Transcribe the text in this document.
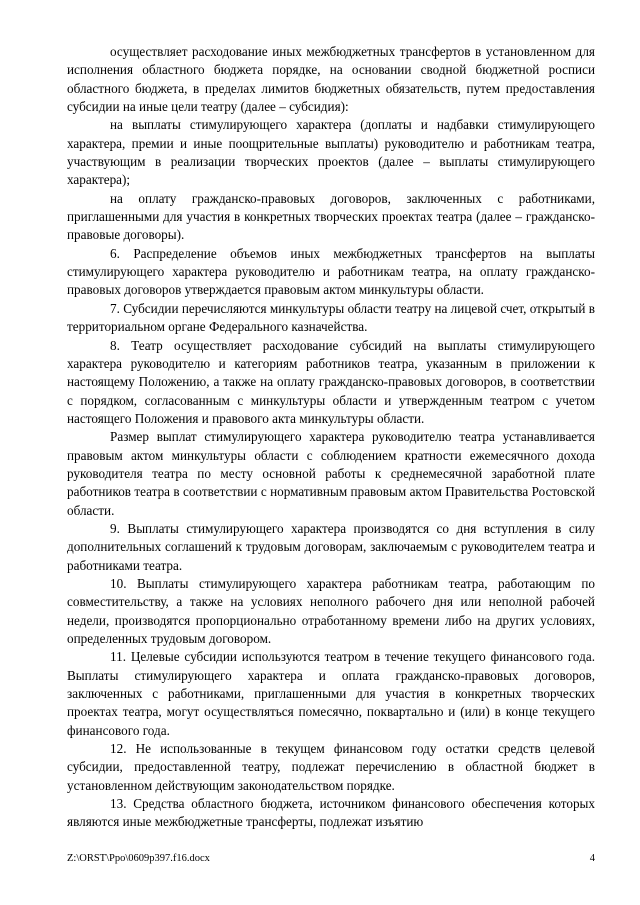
осуществляет расходование иных межбюджетных трансфертов в установленном для исполнения областного бюджета порядке, на основании сводной бюджетной росписи областного бюджета, в пределах лимитов бюджетных обязательств, путем предоставления субсидии на иные цели театру (далее – субсидия):

на выплаты стимулирующего характера (доплаты и надбавки стимулирующего характера, премии и иные поощрительные выплаты) руководителю и работникам театра, участвующим в реализации творческих проектов (далее – выплаты стимулирующего характера);

на оплату гражданско-правовых договоров, заключенных с работниками, приглашенными для участия в конкретных творческих проектах театра (далее – гражданско-правовые договоры).

6. Распределение объемов иных межбюджетных трансфертов на выплаты стимулирующего характера руководителю и работникам театра, на оплату гражданско-правовых договоров утверждается правовым актом минкультуры области.

7. Субсидии перечисляются минкультуры области театру на лицевой счет, открытый в территориальном органе Федерального казначейства.

8. Театр осуществляет расходование субсидий на выплаты стимулирующего характера руководителю и категориям работников театра, указанным в приложении к настоящему Положению, а также на оплату гражданско-правовых договоров, в соответствии с порядком, согласованным с минкультуры области и утвержденным театром с учетом настоящего Положения и правового акта минкультуры области.

Размер выплат стимулирующего характера руководителю театра устанавливается правовым актом минкультуры области с соблюдением кратности ежемесячного дохода руководителя театра по месту основной работы к среднемесячной заработной плате работников театра в соответствии с нормативным правовым актом Правительства Ростовской области.

9. Выплаты стимулирующего характера производятся со дня вступления в силу дополнительных соглашений к трудовым договорам, заключаемым с руководителем театра и работниками театра.

10. Выплаты стимулирующего характера работникам театра, работающим по совместительству, а также на условиях неполного рабочего дня или неполной рабочей недели, производятся пропорционально отработанному времени либо на других условиях, определенных трудовым договором.

11. Целевые субсидии используются театром в течение текущего финансового года. Выплаты стимулирующего характера и оплата гражданско-правовых договоров, заключенных с работниками, приглашенными для участия в конкретных творческих проектах театра, могут осуществляться помесячно, поквартально и (или) в конце текущего финансового года.

12. Не использованные в текущем финансовом году остатки средств целевой субсидии, предоставленной театру, подлежат перечислению в областной бюджет в установленном действующим законодательством порядке.

13. Средства областного бюджета, источником финансового обеспечения которых являются иные межбюджетные трансферты, подлежат изъятию

Z:\ORST\Ppo\0609p397.f16.docx	4
